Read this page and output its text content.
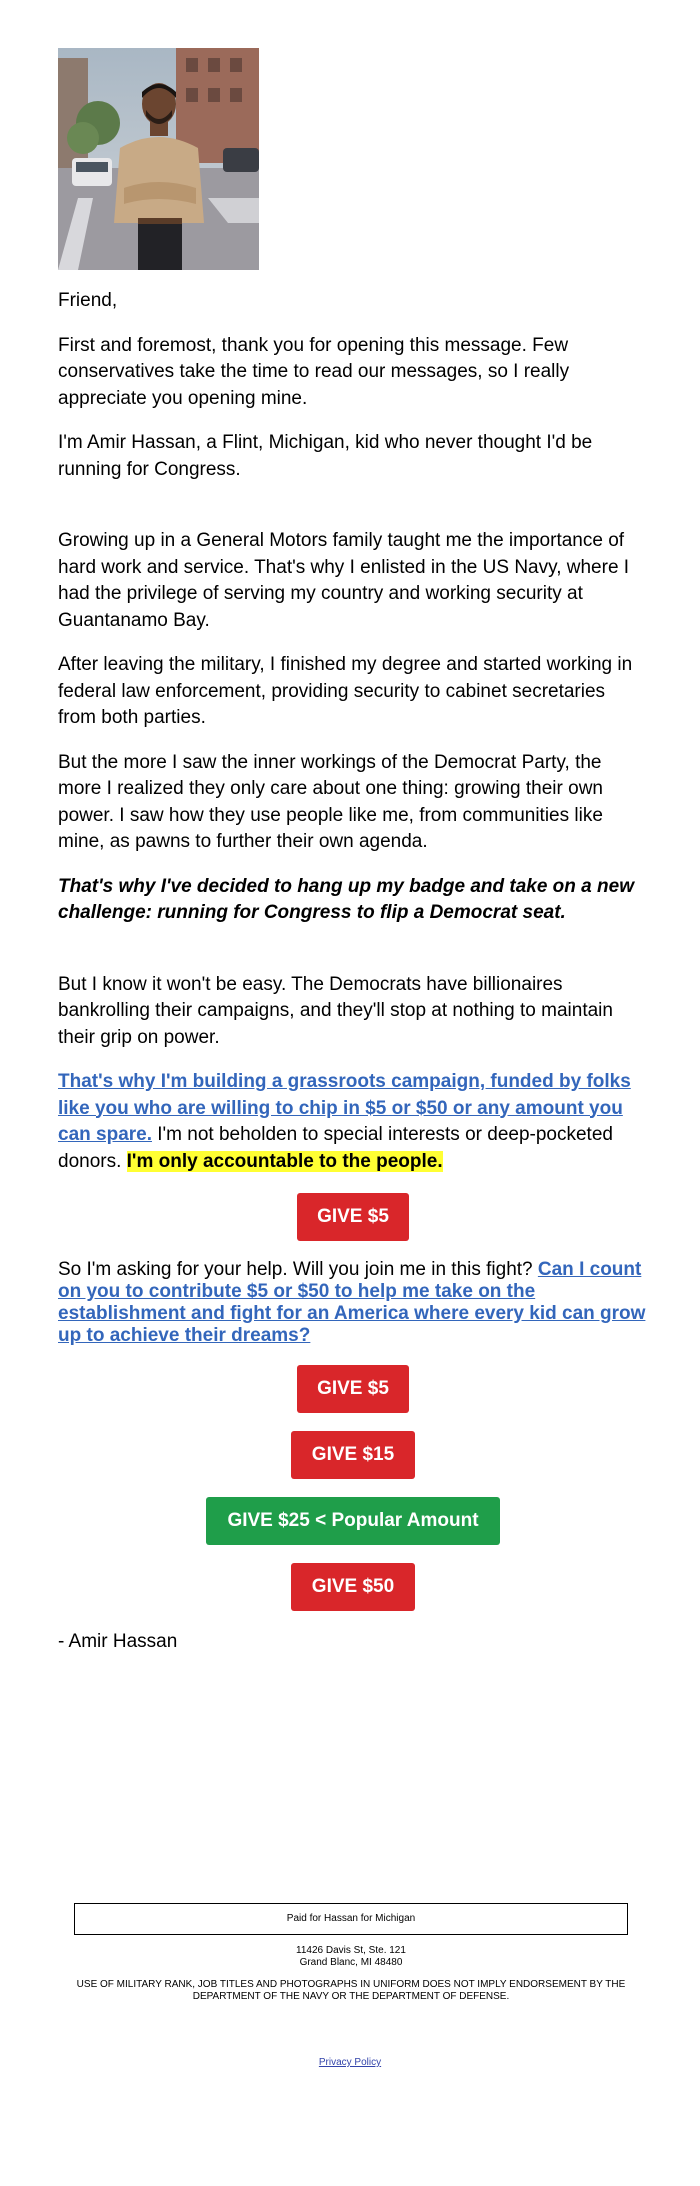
Friend,

First and foremost, thank you for opening this message. Few conservatives take the time to read our messages, so I really appreciate you opening mine.

I'm Amir Hassan, a Flint, Michigan, kid who never thought I'd be running for Congress.

Growing up in a General Motors family taught me the importance of hard work and service. That's why I enlisted in the US Navy, where I had the privilege of serving my country and working security at Guantanamo Bay.

After leaving the military, I finished my degree and started working in federal law enforcement, providing security to cabinet secretaries from both parties.

But the more I saw the inner workings of the Democrat Party, the more I realized they only care about one thing: growing their own power. I saw how they use people like me, from communities like mine, as pawns to further their own agenda.

That's why I've decided to hang up my badge and take on a new challenge: running for Congress to flip a Democrat seat.

But I know it won't be easy. The Democrats have billionaires bankrolling their campaigns, and they'll stop at nothing to maintain their grip on power.

That's why I'm building a grassroots campaign, funded by folks like you who are willing to chip in $5 or $50 or any amount you can spare. I'm not beholden to special interests or deep-pocketed donors. I'm only accountable to the people.

GIVE $5
So I'm asking for your help. Will you join me in this fight? Can I count on you to contribute $5 or $50 to help me take on the establishment and fight for an America where every kid can grow up to achieve their dreams?
GIVE $5
GIVE $15
GIVE $25 < Popular Amount
GIVE $50

- Amir Hassan

Paid for Hassan for Michigan
11426 Davis St, Ste. 121
Grand Blanc, MI 48480
USE OF MILITARY RANK, JOB TITLES AND PHOTOGRAPHS IN UNIFORM DOES NOT IMPLY ENDORSEMENT BY THE DEPARTMENT OF THE NAVY OR THE DEPARTMENT OF DEFENSE.
Privacy Policy
